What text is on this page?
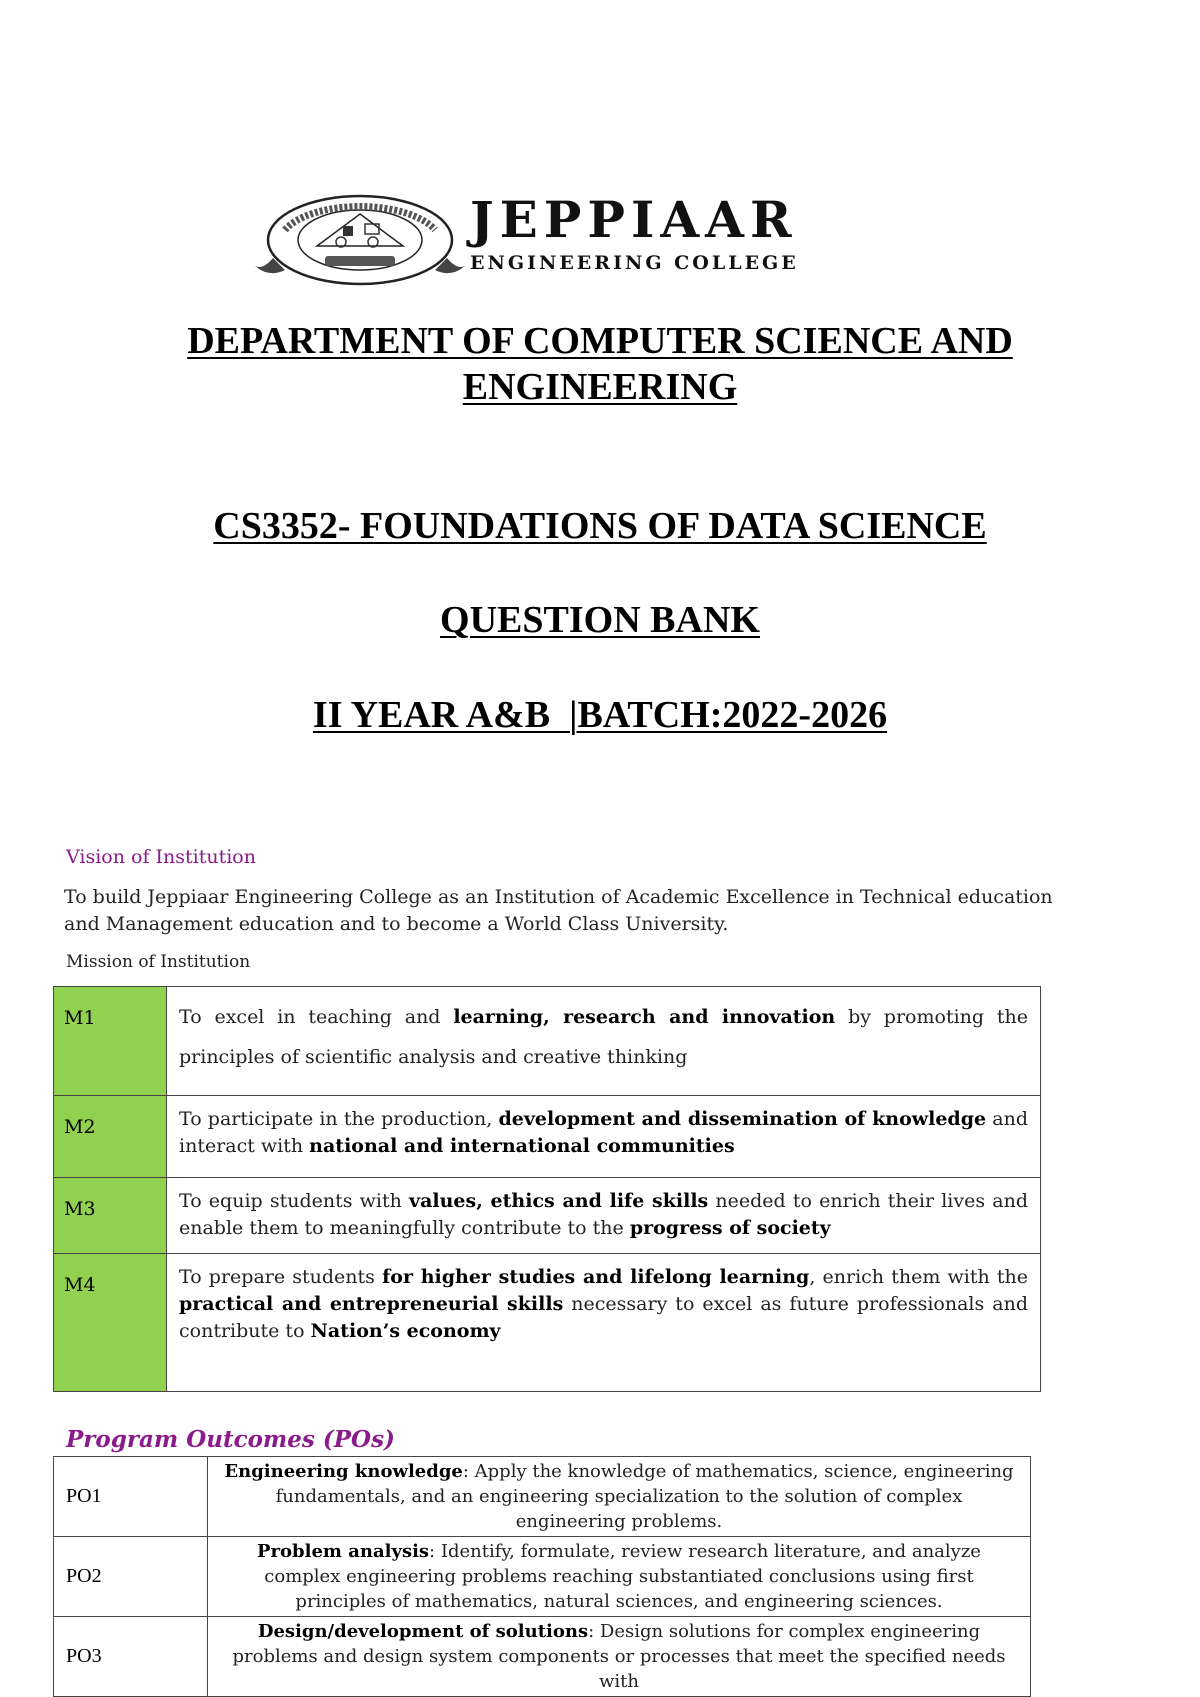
JEPPIAAR
ENGINEERING COLLEGE
DEPARTMENT OF COMPUTER SCIENCE AND
ENGINEERING
CS3352- FOUNDATIONS OF DATA SCIENCE
QUESTION BANK
II YEAR A&B  |BATCH:2022-2026
Vision of Institution
To build Jeppiaar Engineering College as an Institution of Academic Excellence in Technical education and Management education and to become a World Class University.
Mission of Institution
M1	To excel in teaching and learning, research and innovation by promoting the principles of scientific analysis and creative thinking
M2	To participate in the production, development and dissemination of knowledge and interact with national and international communities
M3	To equip students with values, ethics and life skills needed to enrich their lives and enable them to meaningfully contribute to the progress of society
M4	To prepare students for higher studies and lifelong learning, enrich them with the practical and entrepreneurial skills necessary to excel as future professionals and contribute to Nation’s economy
Program Outcomes (POs)
PO1	Engineering knowledge: Apply the knowledge of mathematics, science, engineering fundamentals, and an engineering specialization to the solution of complex engineering problems.
PO2	Problem analysis: Identify, formulate, review research literature, and analyze complex engineering problems reaching substantiated conclusions using first principles of mathematics, natural sciences, and engineering sciences.
PO3	Design/development of solutions: Design solutions for complex engineering problems and design system components or processes that meet the specified needs with
